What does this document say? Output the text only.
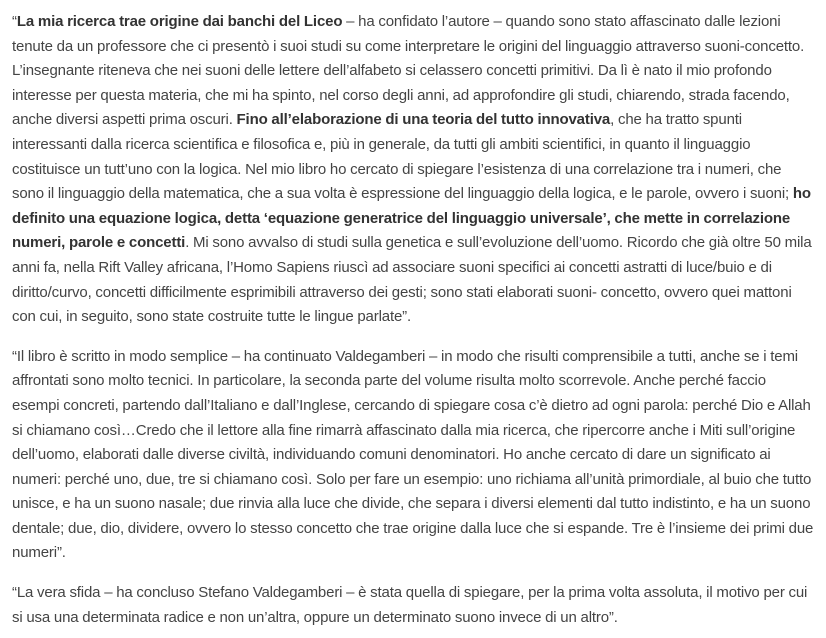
“La mia ricerca trae origine dai banchi del Liceo – ha confidato l’autore – quando sono stato affascinato dalle lezioni tenute da un professore che ci presentò i suoi studi su come interpretare le origini del linguaggio attraverso suoni-concetto. L’insegnante riteneva che nei suoni delle lettere dell’alfabeto si celassero concetti primitivi. Da lì è nato il mio profondo interesse per questa materia, che mi ha spinto, nel corso degli anni, ad approfondire gli studi, chiarendo, strada facendo, anche diversi aspetti prima oscuri. Fino all’elaborazione di una teoria del tutto innovativa, che ha tratto spunti interessanti dalla ricerca scientifica e filosofica e, più in generale, da tutti gli ambiti scientifici, in quanto il linguaggio costituisce un tutt’uno con la logica. Nel mio libro ho cercato di spiegare l’esistenza di una correlazione tra i numeri, che sono il linguaggio della matematica, che a sua volta è espressione del linguaggio della logica, e le parole, ovvero i suoni; ho definito una equazione logica, detta ‘equazione generatrice del linguaggio universale’, che mette in correlazione numeri, parole e concetti. Mi sono avvalso di studi sulla genetica e sull’evoluzione dell’uomo. Ricordo che già oltre 50 mila anni fa, nella Rift Valley africana, l’Homo Sapiens riuscì ad associare suoni specifici ai concetti astratti di luce/buio e di diritto/curvo, concetti difficilmente esprimibili attraverso dei gesti; sono stati elaborati suoni- concetto, ovvero quei mattoni con cui, in seguito, sono state costruite tutte le lingue parlate”.

“Il libro è scritto in modo semplice – ha continuato Valdegamberi – in modo che risulti comprensibile a tutti, anche se i temi affrontati sono molto tecnici. In particolare, la seconda parte del volume risulta molto scorrevole. Anche perché faccio esempi concreti, partendo dall’Italiano e dall’Inglese, cercando di spiegare cosa c’è dietro ad ogni parola: perché Dio e Allah si chiamano così…Credo che il lettore alla fine rimarrà affascinato dalla mia ricerca, che ripercorre anche i Miti sull’origine dell’uomo, elaborati dalle diverse civiltà, individuando comuni denominatori. Ho anche cercato di dare un significato ai numeri: perché uno, due, tre si chiamano così. Solo per fare un esempio: uno richiama all’unità primordiale, al buio che tutto unisce, e ha un suono nasale; due rinvia alla luce che divide, che separa i diversi elementi dal tutto indistinto, e ha un suono dentale; due, dio, dividere, ovvero lo stesso concetto che trae origine dalla luce che si espande. Tre è l’insieme dei primi due numeri”.

“La vera sfida – ha concluso Stefano Valdegamberi – è stata quella di spiegare, per la prima volta assoluta, il motivo per cui si usa una determinata radice e non un’altra, oppure un determinato suono invece di un altro”.
